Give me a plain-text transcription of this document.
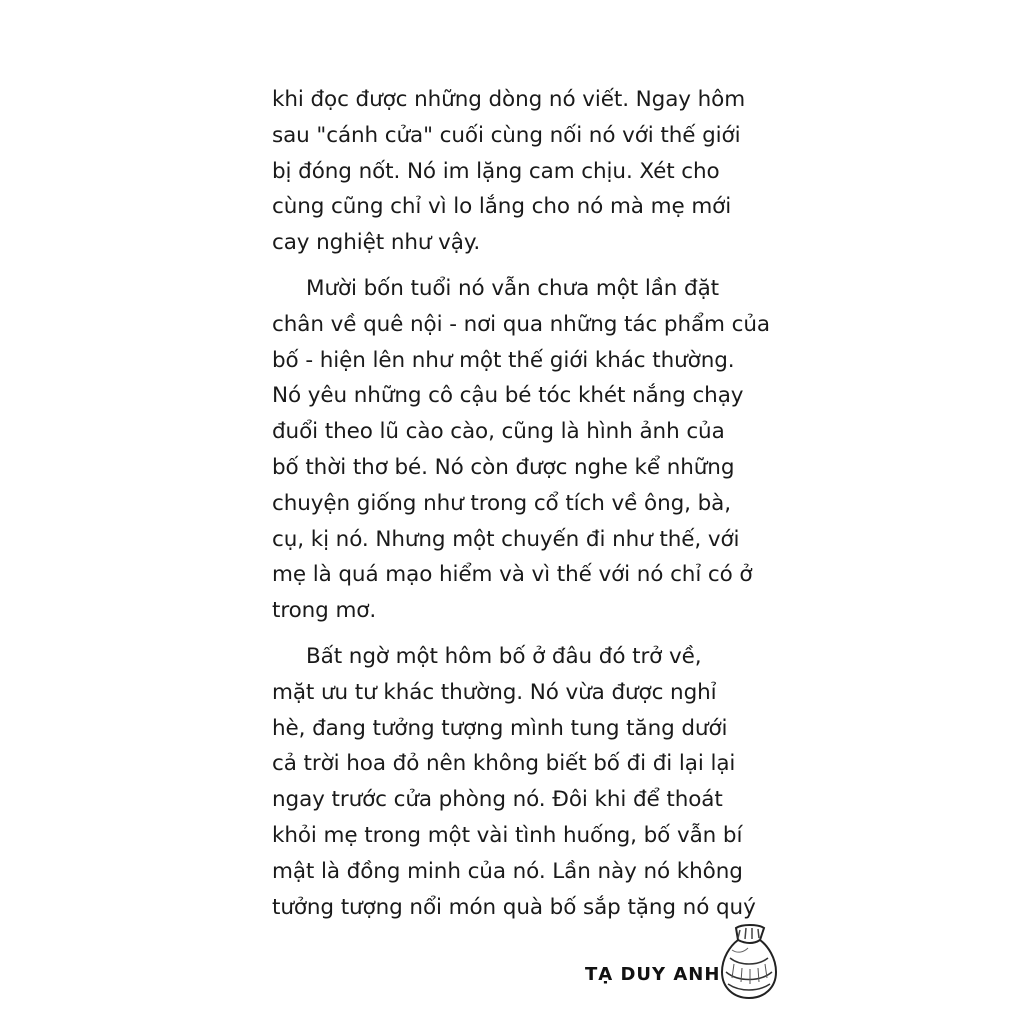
khi đọc được những dòng nó viết. Ngay hôm
sau "cánh cửa" cuối cùng nối nó với thế giới
bị đóng nốt. Nó im lặng cam chịu. Xét cho
cùng cũng chỉ vì lo lắng cho nó mà mẹ mới
cay nghiệt như vậy.

Mười bốn tuổi nó vẫn chưa một lần đặt
chân về quê nội - nơi qua những tác phẩm của
bố - hiện lên như một thế giới khác thường.
Nó yêu những cô cậu bé tóc khét nắng chạy
đuổi theo lũ cào cào, cũng là hình ảnh của
bố thời thơ bé. Nó còn được nghe kể những
chuyện giống như trong cổ tích về ông, bà,
cụ, kị nó. Nhưng một chuyến đi như thế, với
mẹ là quá mạo hiểm và vì thế với nó chỉ có ở
trong mơ.

Bất ngờ một hôm bố ở đâu đó trở về,
mặt ưu tư khác thường. Nó vừa được nghỉ
hè, đang tưởng tượng mình tung tăng dưới
cả trời hoa đỏ nên không biết bố đi đi lại lại
ngay trước cửa phòng nó. Đôi khi để thoát
khỏi mẹ trong một vài tình huống, bố vẫn bí
mật là đồng minh của nó. Lần này nó không
tưởng tượng nổi món quà bố sắp tặng nó quý

TẠ DUY ANH
